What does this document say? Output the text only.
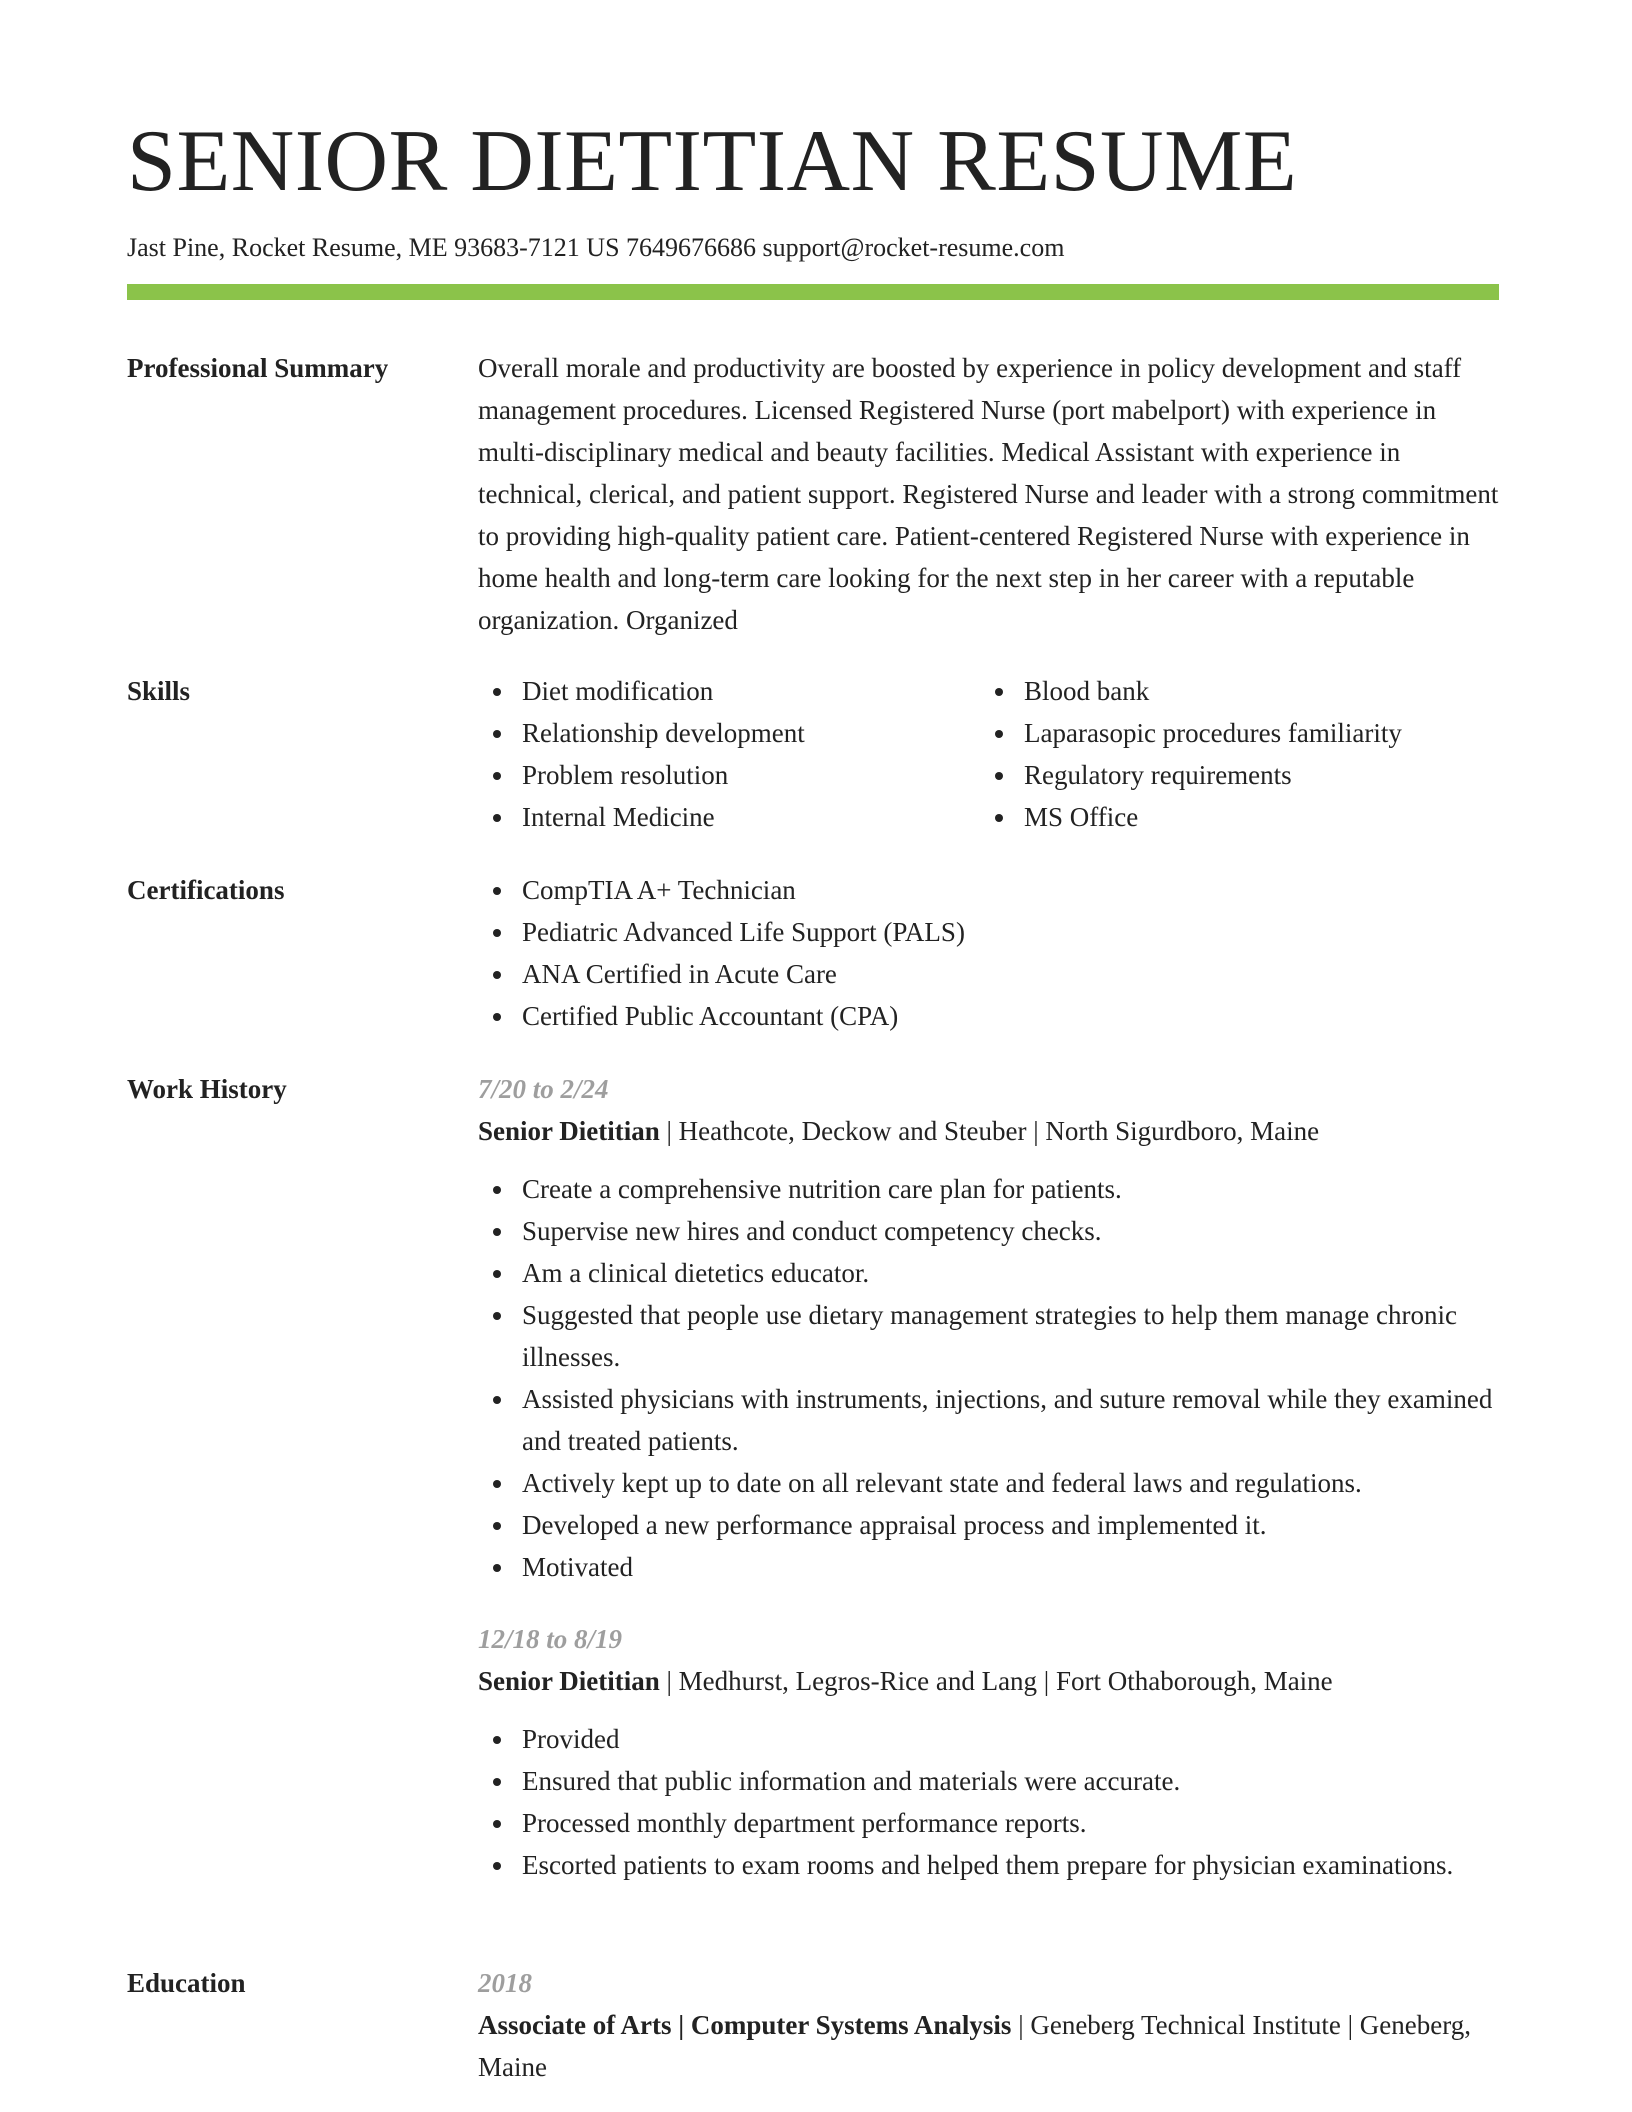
SENIOR DIETITIAN RESUME
Jast Pine, Rocket Resume, ME 93683-7121 US 7649676686 support@rocket-resume.com
Professional Summary	Overall morale and productivity are boosted by experience in policy development and staff management procedures. Licensed Registered Nurse (port mabelport) with experience in multi-disciplinary medical and beauty facilities. Medical Assistant with experience in technical, clerical, and patient support. Registered Nurse and leader with a strong commitment to providing high-quality patient care. Patient-centered Registered Nurse with experience in home health and long-term care looking for the next step in her career with a reputable organization. Organized

Skills	Diet modification
Relationship development
Problem resolution
Internal Medicine
Blood bank
Laparasopic procedures familiarity
Regulatory requirements
MS Office
Certifications	CompTIA A+ Technician
Pediatric Advanced Life Support (PALS)
ANA Certified in Acute Care
Certified Public Accountant (CPA)
Work History	7/20 to 2/24
Senior Dietitian | Heathcote, Deckow and Steuber | North Sigurdboro, Maine
Create a comprehensive nutrition care plan for patients.
Supervise new hires and conduct competency checks.
Am a clinical dietetics educator.
Suggested that people use dietary management strategies to help them manage chronic illnesses.
Assisted physicians with instruments, injections, and suture removal while they examined and treated patients.
Actively kept up to date on all relevant state and federal laws and regulations.
Developed a new performance appraisal process and implemented it.
Motivated
12/18 to 8/19
Senior Dietitian | Medhurst, Legros-Rice and Lang | Fort Othaborough, Maine
Provided
Ensured that public information and materials were accurate.
Processed monthly department performance reports.
Escorted patients to exam rooms and helped them prepare for physician examinations.
Education	2018
Associate of Arts | Computer Systems Analysis | Geneberg Technical Institute | Geneberg, Maine
